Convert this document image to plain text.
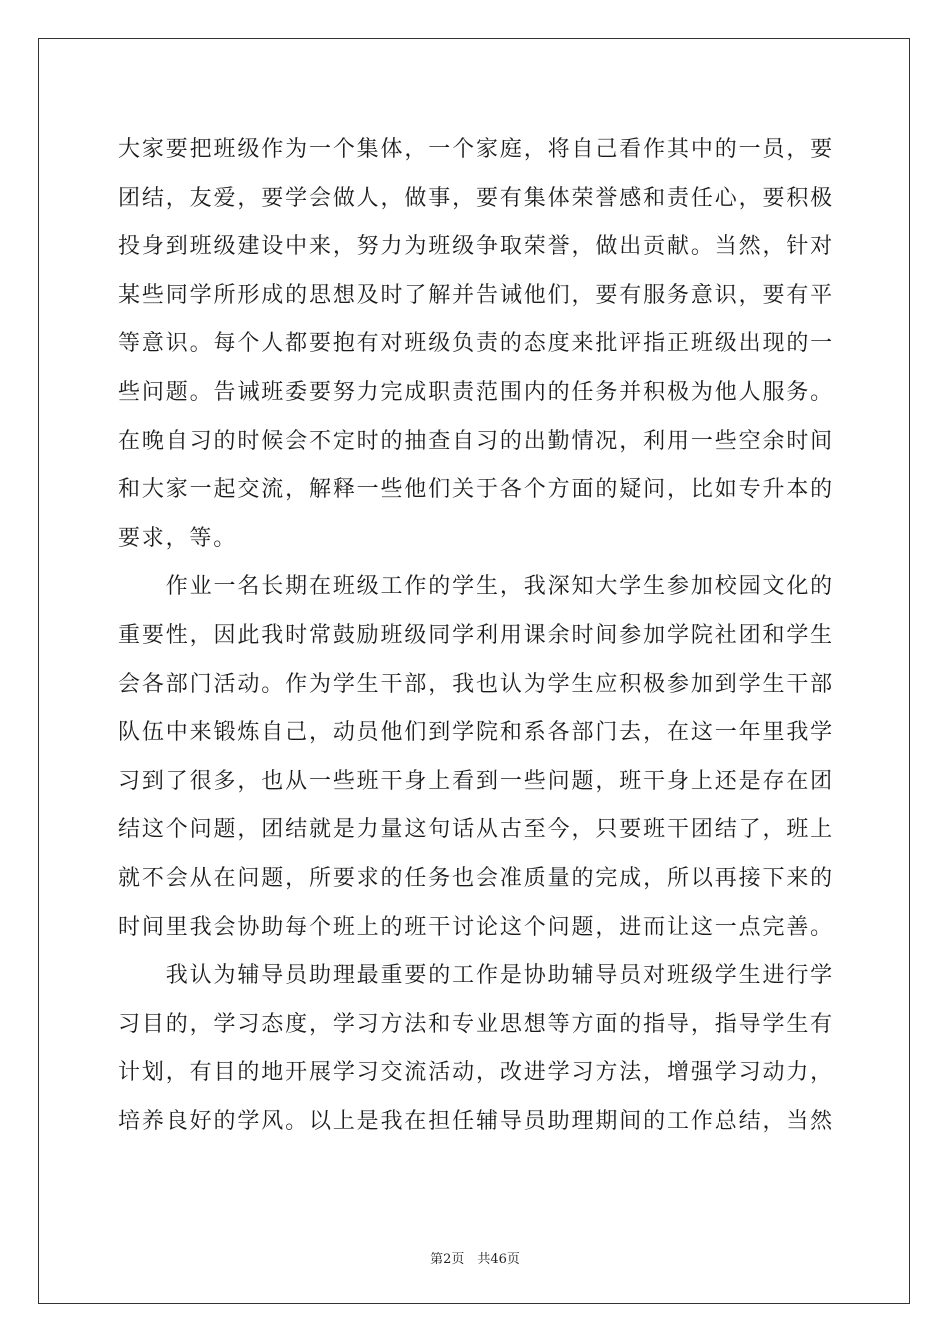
大家要把班级作为一个集体，一个家庭，将自己看作其中的一员，要
团结，友爱，要学会做人，做事，要有集体荣誉感和责任心，要积极
投身到班级建设中来，努力为班级争取荣誉，做出贡献。当然，针对
某些同学所形成的思想及时了解并告诫他们，要有服务意识，要有平
等意识。每个人都要抱有对班级负责的态度来批评指正班级出现的一
些问题。告诫班委要努力完成职责范围内的任务并积极为他人服务。
在晚自习的时候会不定时的抽查自习的出勤情况，利用一些空余时间
和大家一起交流，解释一些他们关于各个方面的疑问，比如专升本的
要求，等。
　　作业一名长期在班级工作的学生，我深知大学生参加校园文化的
重要性，因此我时常鼓励班级同学利用课余时间参加学院社团和学生
会各部门活动。作为学生干部，我也认为学生应积极参加到学生干部
队伍中来锻炼自己，动员他们到学院和系各部门去，在这一年里我学
习到了很多，也从一些班干身上看到一些问题，班干身上还是存在团
结这个问题，团结就是力量这句话从古至今，只要班干团结了，班上
就不会从在问题，所要求的任务也会准质量的完成，所以再接下来的
时间里我会协助每个班上的班干讨论这个问题，进而让这一点完善。
　　我认为辅导员助理最重要的工作是协助辅导员对班级学生进行学
习目的，学习态度，学习方法和专业思想等方面的指导，指导学生有
计划，有目的地开展学习交流活动，改进学习方法，增强学习动力，
培养良好的学风。以上是我在担任辅导员助理期间的工作总结，当然
第2页　共46页
